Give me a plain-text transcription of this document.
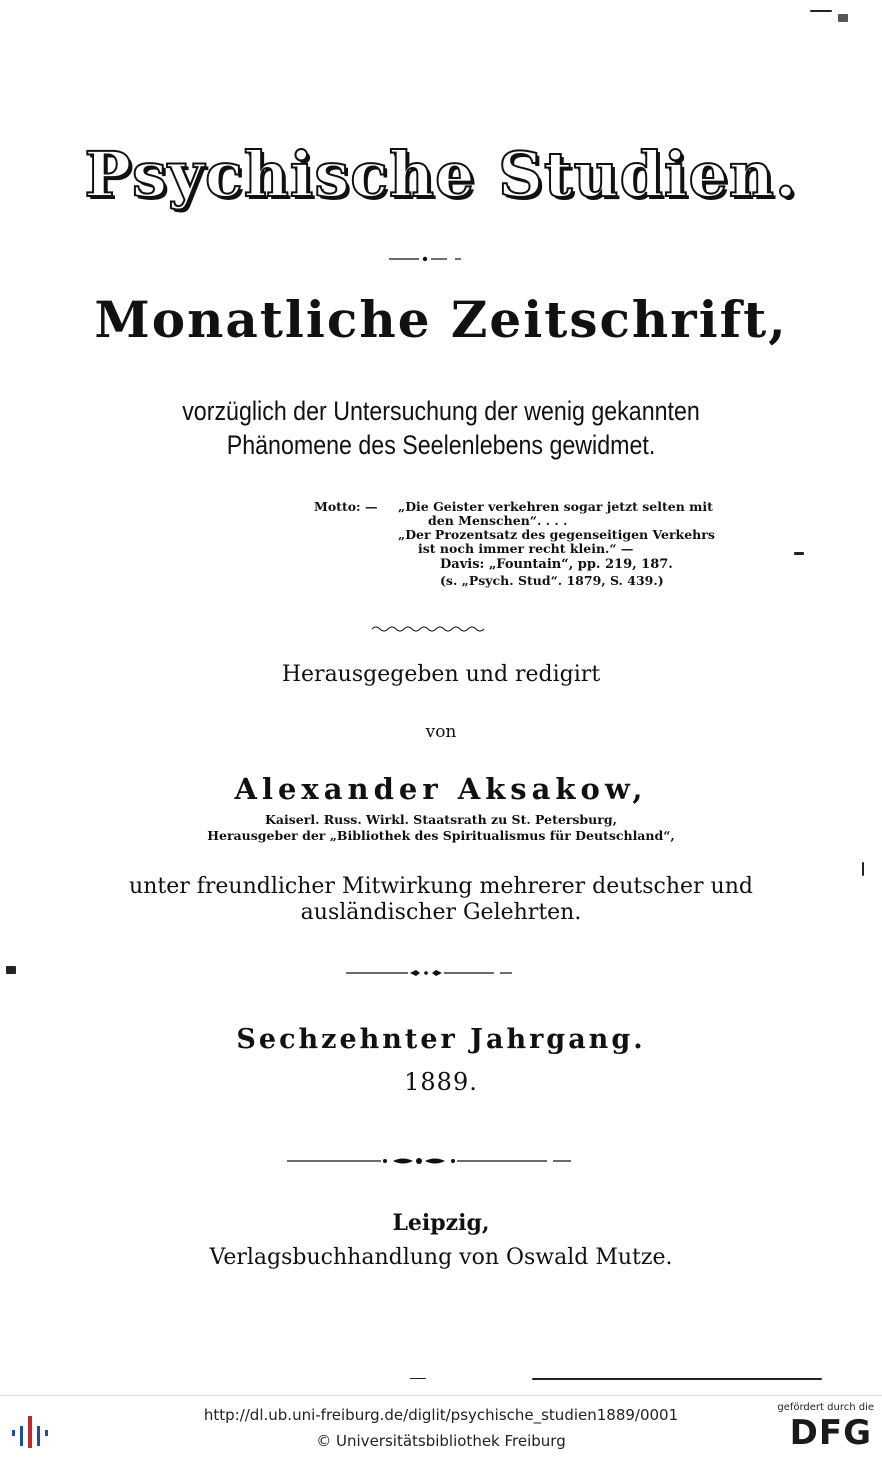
Psychische Studien.
Monatliche Zeitschrift,
vorzüglich der Untersuchung der wenig gekannten
Phänomene des Seelenlebens gewidmet.
Motto: — „Die Geister verkehren sogar jetzt selten mit
den Menschen“. . . .
„Der Prozentsatz des gegenseitigen Verkehrs
ist noch immer recht klein.“ —
Davis: „Fountain“, pp. 219, 187.
(s. „Psych. Stud“. 1879, S. 439.)
Herausgegeben und redigirt
von
Alexander Aksakow,
Kaiserl. Russ. Wirkl. Staatsrath zu St. Petersburg,
Herausgeber der „Bibliothek des Spiritualismus für Deutschland“,
unter freundlicher Mitwirkung mehrerer deutscher und
ausländischer Gelehrten.
Sechzehnter Jahrgang.
1889.
Leipzig,
Verlagsbuchhandlung von Oswald Mutze.
http://dl.ub.uni-freiburg.de/diglit/psychische_studien1889/0001
© Universitätsbibliothek Freiburg
gefördert durch die
DFG
